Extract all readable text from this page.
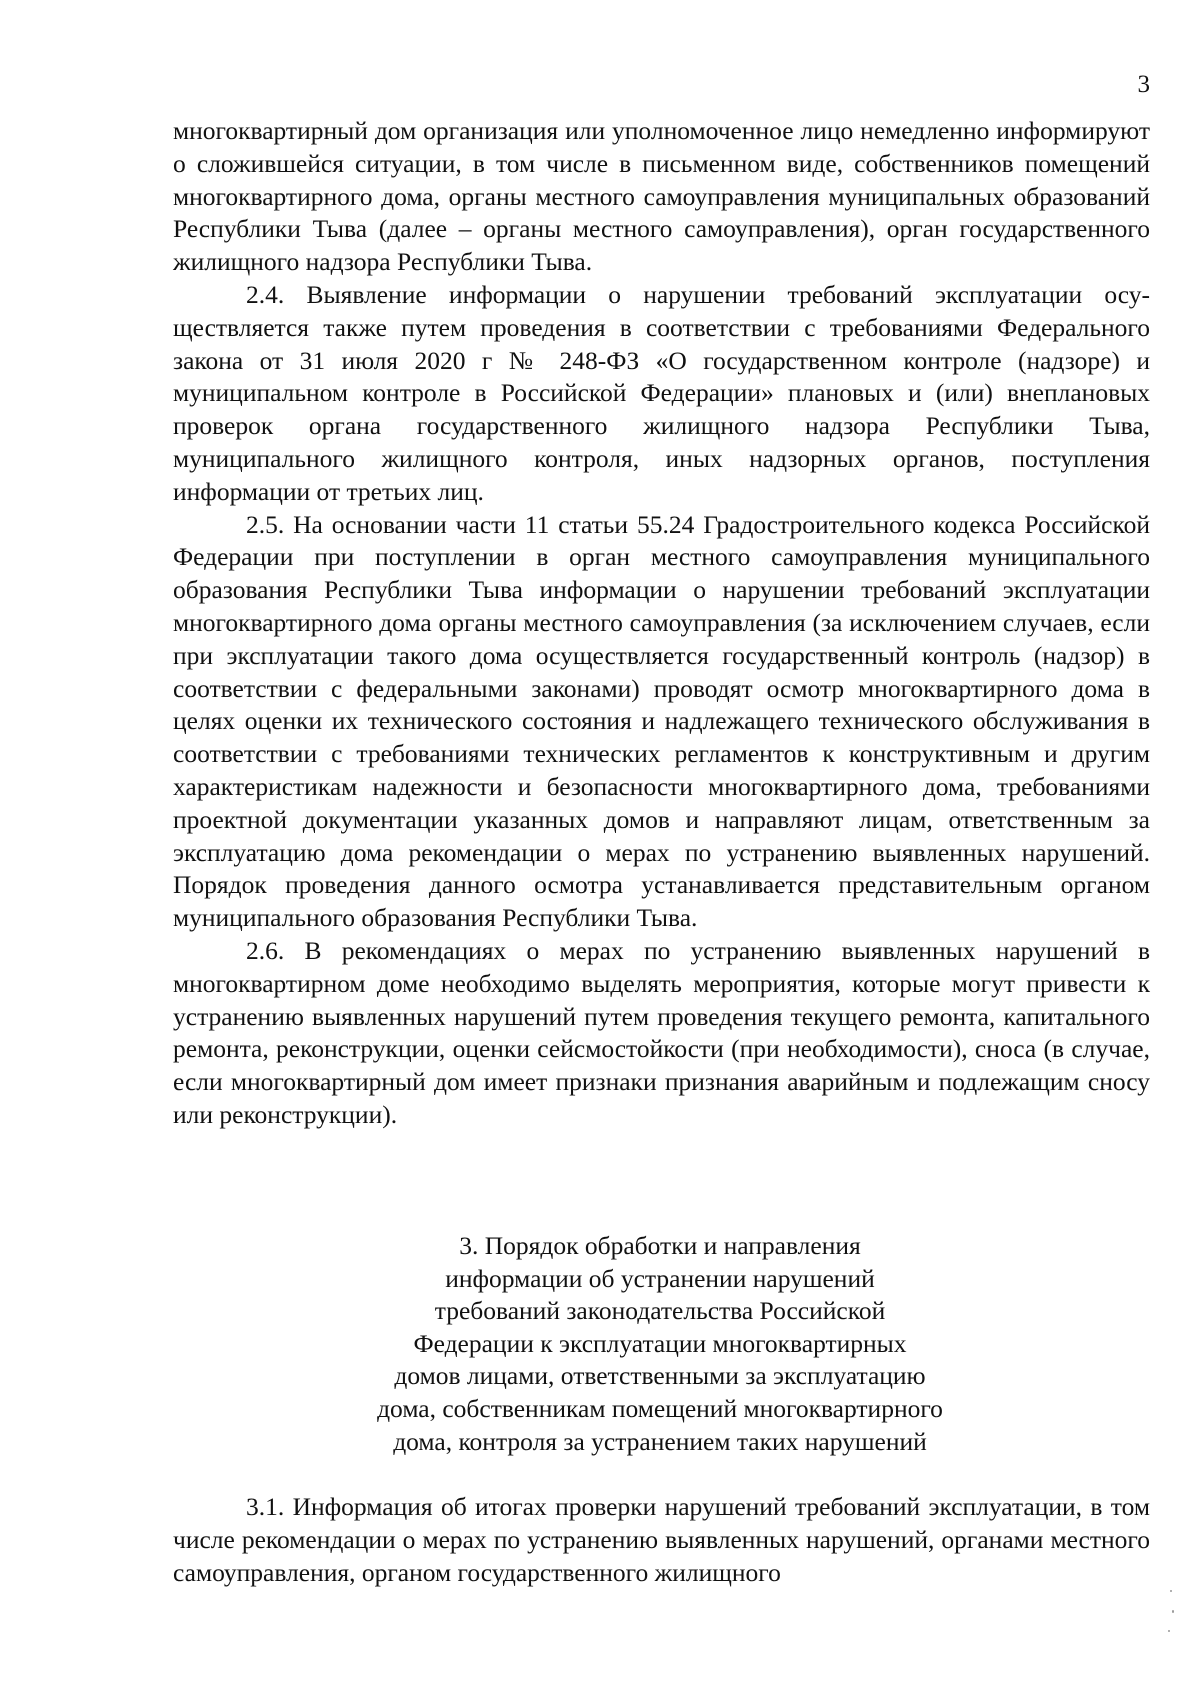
3

многоквартирный дом организация или уполномоченное лицо немедленно информируют о сложившейся ситуации, в том числе в письменном виде, собственников помещений многоквартирного дома, органы местного самоуправления муниципальных образований Республики Тыва (далее – органы местного самоуправления), орган государственного жилищного надзора Республики Тыва.

2.4. Выявление информации о нарушении требований эксплуатации осуществляется также путем проведения в соответствии с требованиями Федерального закона от 31 июля 2020 г № 248-ФЗ «О государственном контроле (надзоре) и муниципальном контроле в Российской Федерации» плановых и (или) внеплановых проверок органа государственного жилищного надзора Республики Тыва, муниципального жилищного контроля, иных надзорных органов, поступления информации от третьих лиц.

2.5. На основании части 11 статьи 55.24 Градостроительного кодекса Российской Федерации при поступлении в орган местного самоуправления муниципального образования Республики Тыва информации о нарушении требований эксплуатации многоквартирного дома органы местного самоуправления (за исключением случаев, если при эксплуатации такого дома осуществляется государственный контроль (надзор) в соответствии с федеральными законами) проводят осмотр многоквартирного дома в целях оценки их технического состояния и надлежащего технического обслуживания в соответствии с требованиями технических регламентов к конструктивным и другим характеристикам надежности и безопасности многоквартирного дома, требованиями проектной документации указанных домов и направляют лицам, ответственным за эксплуатацию дома рекомендации о мерах по устранению выявленных нарушений. Порядок проведения данного осмотра устанавливается представительным органом муниципального образования Республики Тыва.

2.6. В рекомендациях о мерах по устранению выявленных нарушений в многоквартирном доме необходимо выделять мероприятия, которые могут привести к устранению выявленных нарушений путем проведения текущего ремонта, капитального ремонта, реконструкции, оценки сейсмостойкости (при необходимости), сноса (в случае, если многоквартирный дом имеет признаки признания аварийным и подлежащим сносу или реконструкции).

3. Порядок обработки и направления
информации об устранении нарушений
требований законодательства Российской
Федерации к эксплуатации многоквартирных
домов лицами, ответственными за эксплуатацию
дома, собственникам помещений многоквартирного
дома, контроля за устранением таких нарушений

3.1. Информация об итогах проверки нарушений требований эксплуатации, в том числе рекомендации о мерах по устранению выявленных нарушений, органами местного самоуправления, органом государственного жилищного
